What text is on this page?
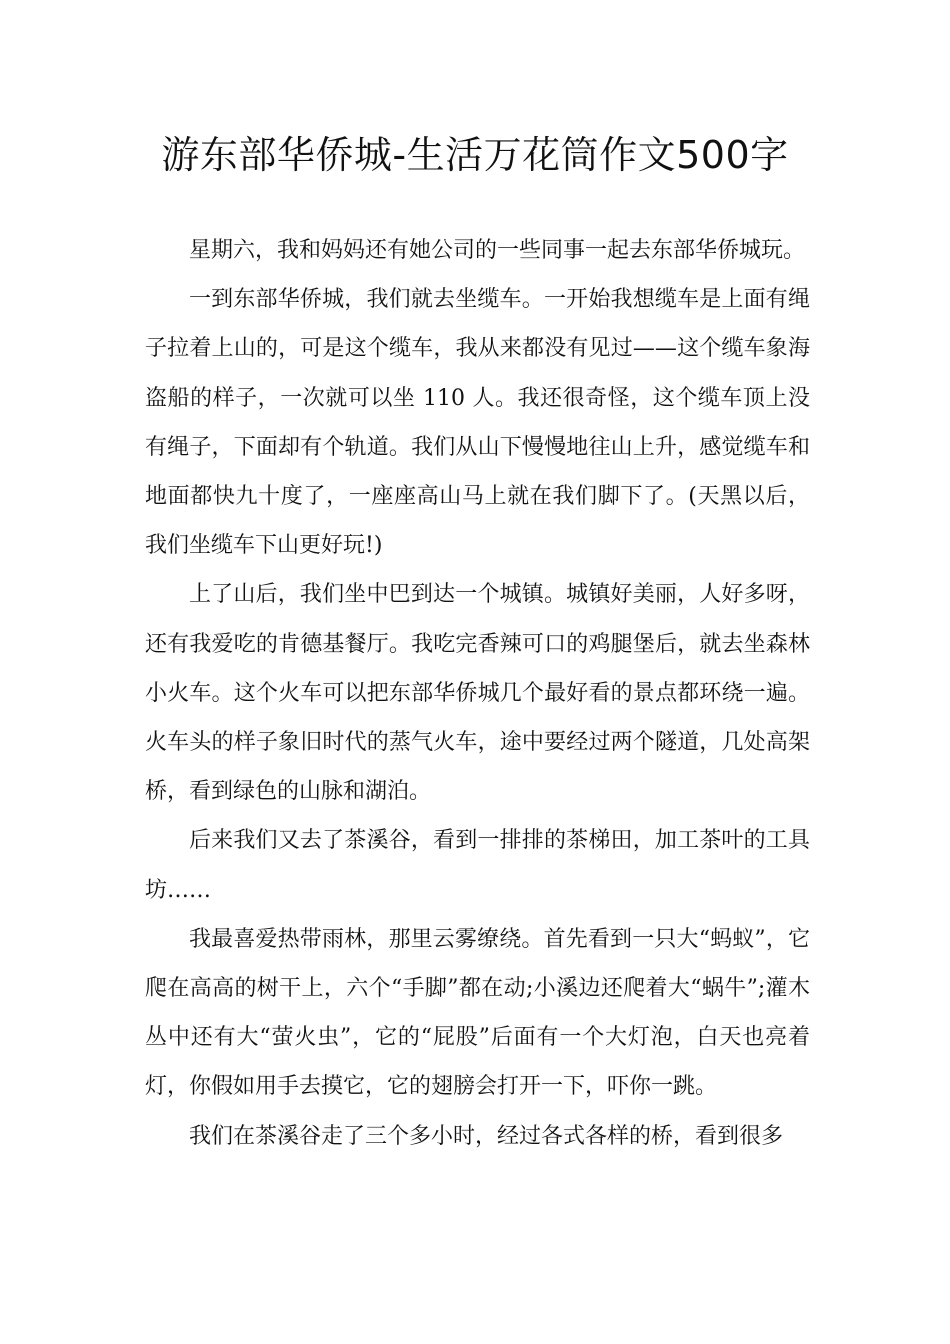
游东部华侨城-生活万花筒作文500字

星期六，我和妈妈还有她公司的一些同事一起去东部华侨城玩。

一到东部华侨城，我们就去坐缆车。一开始我想缆车是上面有绳子拉着上山的，可是这个缆车，我从来都没有见过——这个缆车象海盗船的样子，一次就可以坐 110 人。我还很奇怪，这个缆车顶上没有绳子，下面却有个轨道。我们从山下慢慢地往山上升，感觉缆车和地面都快九十度了，一座座高山马上就在我们脚下了。(天黑以后，我们坐缆车下山更好玩!)

上了山后，我们坐中巴到达一个城镇。城镇好美丽，人好多呀，还有我爱吃的肯德基餐厅。我吃完香辣可口的鸡腿堡后，就去坐森林小火车。这个火车可以把东部华侨城几个最好看的景点都环绕一遍。火车头的样子象旧时代的蒸气火车，途中要经过两个隧道，几处高架桥，看到绿色的山脉和湖泊。

后来我们又去了茶溪谷，看到一排排的茶梯田，加工茶叶的工具坊……

我最喜爱热带雨林，那里云雾缭绕。首先看到一只大“蚂蚁”，它爬在高高的树干上，六个“手脚”都在动;小溪边还爬着大“蜗牛”;灌木丛中还有大“萤火虫”，它的“屁股”后面有一个大灯泡，白天也亮着灯，你假如用手去摸它，它的翅膀会打开一下，吓你一跳。

我们在茶溪谷走了三个多小时，经过各式各样的桥，看到很多
